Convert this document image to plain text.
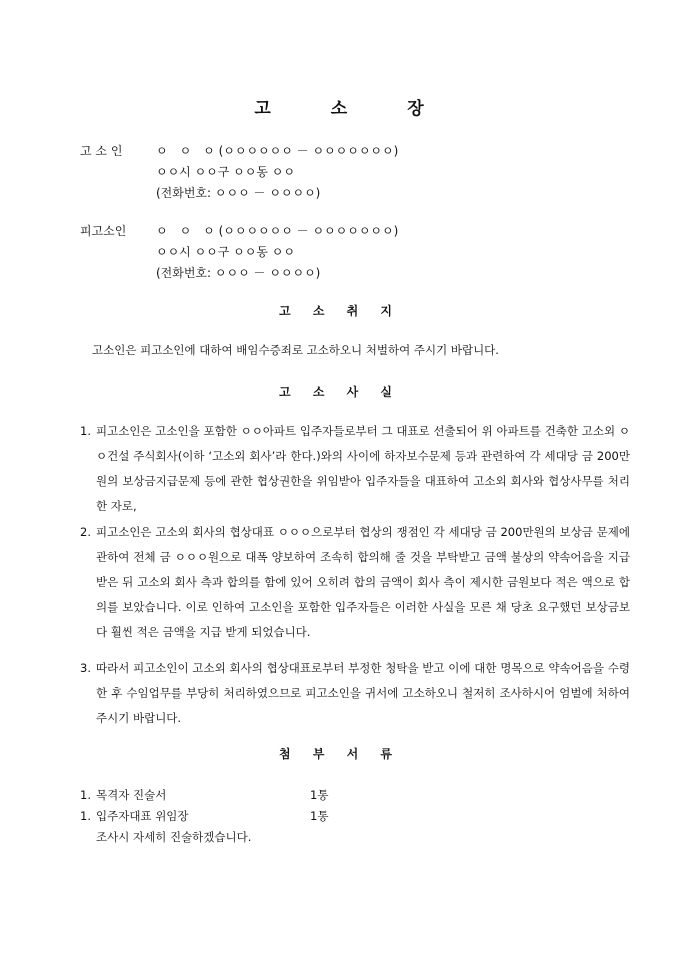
고	소	장
고 소 인	ㅇ　ㅇ　ㅇ (ㅇㅇㅇㅇㅇㅇ － ㅇㅇㅇㅇㅇㅇㅇ)
ㅇㅇ시 ㅇㅇ구 ㅇㅇ동 ㅇㅇ
(전화번호: ㅇㅇㅇ － ㅇㅇㅇㅇ)
피고소인	ㅇ　ㅇ　ㅇ (ㅇㅇㅇㅇㅇㅇ － ㅇㅇㅇㅇㅇㅇㅇ)
ㅇㅇ시 ㅇㅇ구 ㅇㅇ동 ㅇㅇ
(전화번호: ㅇㅇㅇ － ㅇㅇㅇㅇ)
고 소 취 지
고소인은 피고소인에 대하여 배임수증죄로 고소하오니 처벌하여 주시기 바랍니다.
고 소 사 실
1. 피고소인은 고소인을 포함한 ㅇㅇ아파트 입주자들로부터 그 대표로 선출되어 위 아파트를 건축한 고소외 ㅇㅇ건설 주식회사(이하 ‘고소외 회사’라 한다.)와의 사이에 하자보수문제 등과 관련하여 각 세대당 금 200만원의 보상금지급문제 등에 관한 협상권한을 위임받아 입주자들을 대표하여 고소외 회사와 협상사무를 처리한 자로,
2. 피고소인은 고소외 회사의 협상대표 ㅇㅇㅇ으로부터 협상의 쟁점인 각 세대당 금 200만원의 보상금 문제에 관하여 전체 금 ㅇㅇㅇ원으로 대폭 양보하여 조속히 합의해 줄 것을 부탁받고 금액 불상의 약속어음을 지급받은 뒤 고소외 회사 측과 합의를 함에 있어 오히려 합의 금액이 회사 측이 제시한 금원보다 적은 액으로 합의를 보았습니다. 이로 인하여 고소인을 포함한 입주자들은 이러한 사실을 모른 채 당초 요구했던 보상금보다 훨씬 적은 금액을 지급 받게 되었습니다.
3. 따라서 피고소인이 고소외 회사의 협상대표로부터 부정한 청탁을 받고 이에 대한 명목으로 약속어음을 수령한 후 수임업무를 부당히 처리하였으므로 피고소인을 귀서에 고소하오니 철저히 조사하시어 엄벌에 처하여 주시기 바랍니다.
첨 부 서 류
1. 목격자 진술서	1통
1. 입주자대표 위임장	1통
조사시 자세히 진술하겠습니다.
